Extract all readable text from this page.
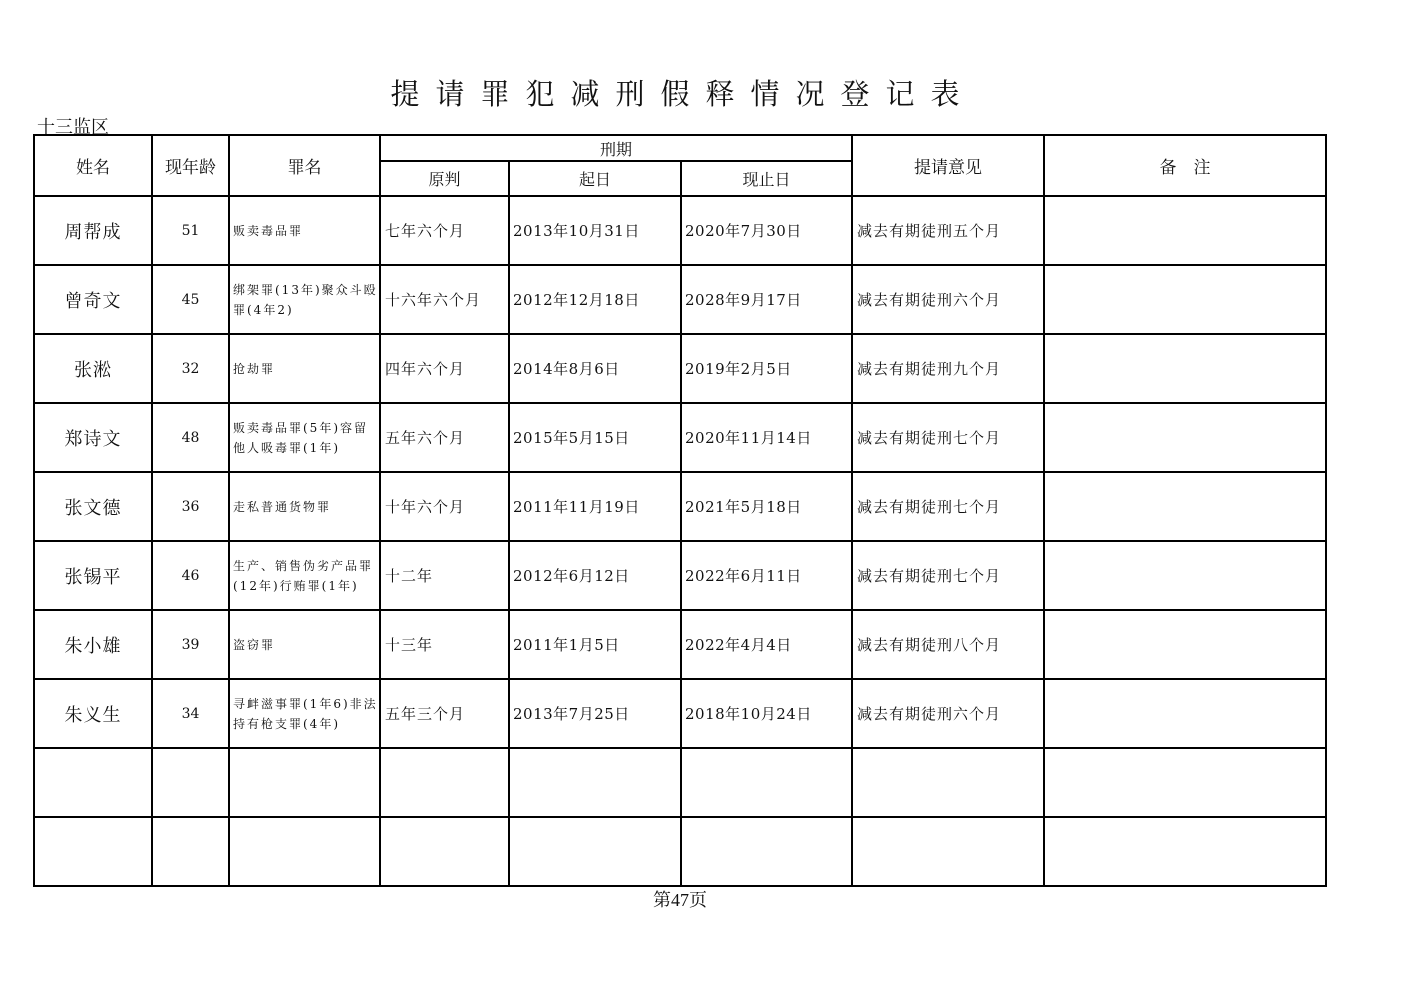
提请罪犯减刑假释情况登记表
十三监区
姓名	现年龄	罪名	刑期			提请意见	备　注
			原判	起日	现止日		
周帮成	51	贩卖毒品罪	七年六个月	2013年10月31日	2020年7月30日	减去有期徒刑五个月	
曾奇文	45	绑架罪(13年)聚众斗殴罪(4年2)	十六年六个月	2012年12月18日	2028年9月17日	减去有期徒刑六个月	
张淞	32	抢劫罪	四年六个月	2014年8月6日	2019年2月5日	减去有期徒刑九个月	
郑诗文	48	贩卖毒品罪(5年)容留他人吸毒罪(1年)	五年六个月	2015年5月15日	2020年11月14日	减去有期徒刑七个月	
张文德	36	走私普通货物罪	十年六个月	2011年11月19日	2021年5月18日	减去有期徒刑七个月	
张锡平	46	生产、销售伪劣产品罪(12年)行贿罪(1年)	十二年	2012年6月12日	2022年6月11日	减去有期徒刑七个月	
朱小雄	39	盗窃罪	十三年	2011年1月5日	2022年4月4日	减去有期徒刑八个月	
朱义生	34	寻衅滋事罪(1年6)非法持有枪支罪(4年)	五年三个月	2013年7月25日	2018年10月24日	减去有期徒刑六个月	

第47页
